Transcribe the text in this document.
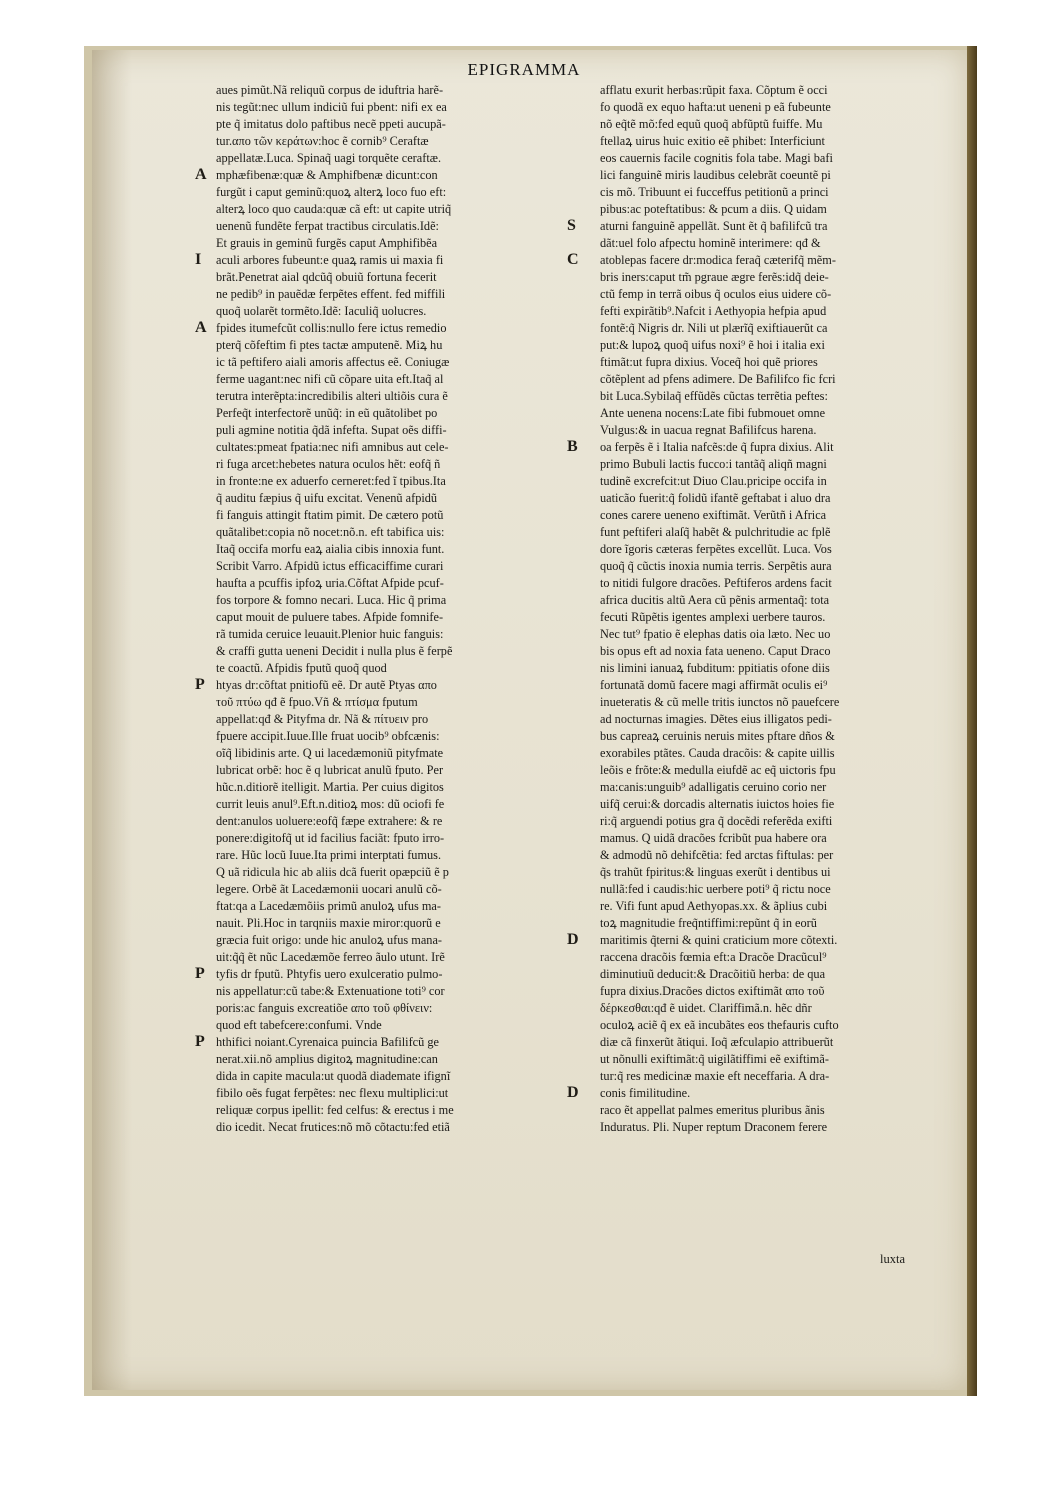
EPIGRAMMA
aues pimũt.Nã reliquũ corpus de iduftria harẽ-
nis tegũt:nec ullum indiciũ fui pbent: nifi ex ea
pte q̃ imitatus dolo paftibus necẽ ppeti aucupã-
tur.απο τῶν κεράτων:hoc ẽ cornib⁹ Ceraftæ
appellatæ.Luca. Spinaq̃ uagi torquẽte ceraftæ.
mphæfibenæ:quæ & Amphifbenæ dicunt:con
furgũt i caput geminũ:quoꝝ alterꝝ loco fuo eft:
alterꝝ loco quo cauda:quæ cã eft: ut capite utriq̃
uenenũ fundẽte ferpat tractibus circulatis.Idẽ:
Et grauis in geminũ furgẽs caput Amphifibẽa
aculi arbores fubeunt:e quaꝝ ramis ui maxia fi
brãt.Penetrat aial qdcũq̃ obuiũ fortuna fecerit
ne pedib⁹ in pauẽdæ ferpẽtes effent. fed miffili
quoq̃ uolarẽt tormẽto.Idẽ: Iaculiq̃ uolucres.
fpides itumefcũt collis:nullo fere ictus remedio
pterq̃ cõfeftim fi ptes tactæ amputenẽ. Miꝝ hu
ic tã peftifero aiali amoris affectus eẽ. Coniugæ
ferme uagant:nec nifi cũ cõpare uita eft.Itaq̃ al
terutra interẽpta:incredibilis alteri ultiõis cura ẽ
Perfeq̃t interfectorẽ unũq̃: in eũ quãtolibet po
puli agmine notitia q̃dã infefta. Supat oẽs diffi-
cultates:pmeat fpatia:nec nifi amnibus aut cele-
ri fuga arcet:hebetes natura oculos hẽt: eofq̃ ñ
in fronte:ne ex aduerfo cerneret:fed ĩ tpibus.Ita
q̃ auditu fæpius q̃ uifu excitat. Venenũ afpidũ
fi fanguis attingit ftatim pimit. De cætero potũ
quãtalibet:copia nõ nocet:nõ.n. eft tabifica uis:
Itaq̃ occifa morfu eaꝝ aialia cibis innoxia funt.
Scribit Varro. Afpidũ ictus efficaciffime curari
haufta a pcuffis ipfoꝝ uria.Cõftat Afpide pcuf-
fos torpore & fomno necari. Luca. Hic q̃ prima
caput mouit de puluere tabes. Afpide fomnife-
rã tumida ceruice leuauit.Plenior huic fanguis:
& craffi gutta ueneni Decidit i nulla plus ẽ ferpẽ
te coactũ. Afpidis fputũ quoq̃ quod
htyas dr:cõftat pnitiofũ eẽ. Dr autẽ Ptyas απο
τοῦ πτύω qđ ẽ fpuo.Vñ & πτίσμα fputum
appellat:qđ & Pityfma dr. Nã & πίτυειν pro
fpuere accipit.Iuue.Ille fruat uocib⁹ obfcænis:
oĩq̃ libidinis arte. Q ui lacedæmoniũ pityfmate
lubricat orbẽ: hoc ẽ q lubricat anulũ fputo. Per
hũc.n.ditiorẽ itelligit. Martia. Per cuius digitos
currit leuis anul⁹.Eft.n.ditioꝝ mos: dũ ociofi fe
dent:anulos uoluere:eofq̃ fæpe extrahere: & re
ponere:digitofq̃ ut id facilius faciãt: fputo irro-
rare. Hũc locũ Iuue.Ita primi interptati fumus.
Q uã ridicula hic ab aliis dcã fuerit opæpciũ ẽ p
legere. Orbẽ ãt Lacedæmonii uocari anulũ cõ-
ftat:qa a Lacedæmõiis primũ anuloꝝ ufus ma-
nauit. Pli.Hoc in tarqniis maxie miror:quorũ e
græcia fuit origo: unde hic anuloꝝ ufus mana-
uit:q̃q̃ ẽt nũc Lacedæmõe ferreo ãulo utunt. Irẽ
tyfis dr fputũ. Phtyfis uero exulceratio pulmo-
nis appellatur:cũ tabe:& Extenuatione toti⁹ cor
poris:ac fanguis excreatiõe απο τοῦ φθίνειν:
quod eft tabefcere:confumi. Vnde
hthifici noiant.Cyrenaica puincia Bafilifcũ ge
nerat.xii.nõ amplius digitoꝝ magnitudine:can
dida in capite macula:ut quodã diademate ifignĩ
fibilo oẽs fugat ferpẽtes: nec flexu multiplici:ut
reliquæ corpus ipellit: fed celfus: & erectus i me
dio icedit. Necat frutices:nõ mõ cõtactu:fed etiã
afflatu exurit herbas:rũpit faxa. Cõptum ẽ occi
fo quodã ex equo hafta:ut ueneni p eã fubeunte
nõ eq̃tẽ mõ:fed equũ quoq̃ abfũptũ fuiffe. Mu
ftellaꝝ uirus huic exitio eẽ phibet: Interficiunt
eos cauernis facile cognitis fola tabe. Magi bafi
lici fanguinẽ miris laudibus celebrãt coeuntẽ pi
cis mõ. Tribuunt ei fucceffus petitionũ a princi
pibus:ac poteftatibus: & pcum a diis. Q uidam
aturni fanguinẽ appellãt. Sunt ẽt q̃ bafilifcũ tra
dãt:uel folo afpectu hominẽ interimere: qđ &
atoblepas facere dr:modica feraq̃ cæterifq̃ mẽm-
bris iners:caput tm̃ pgraue ægre ferẽs:idq̃ deie-
ctũ femp in terrã oibus q̃ oculos eius uidere cõ-
fefti expirãtib⁹.Nafcit i Aethyopia hefpia apud
fontẽ:q̃ Nigris dr. Nili ut plærĩq̃ exiftiauerũt ca
put:& lupoꝝ quoq̃ uifus noxi⁹ ẽ hoi i italia exi
ftimãt:ut fupra dixius. Voceq̃ hoi quẽ priores
cõtẽplent ad pfens adimere. De Bafilifco fic fcri
bit Luca.Sybilaq̃ effũdẽs cũctas terrẽtia peftes:
Ante uenena nocens:Late fibi fubmouet omne
Vulgus:& in uacua regnat Bafilifcus harena.
oa ferpẽs ẽ i Italia nafcẽs:de q̃ fupra dixius. Alit
primo Bubuli lactis fucco:i tantãq̃ aliqñ magni
tudinẽ excrefcit:ut Diuo Clau.pricipe occifa in
uaticão fuerit:q̃ folidũ ifantẽ geftabat i aluo dra
cones carere ueneno exiftimãt. Verũtñ i Africa
funt peftiferi alaſq̃ habẽt & pulchritudie ac fplẽ
dore ĩgoris cæteras ferpẽtes excellũt. Luca. Vos
quoq̃ q̃ cũctis inoxia numia terris. Serpẽtis aura
to nitidi fulgore dracões. Peftiferos ardens facit
africa ducitis altũ Aera cũ pẽnis armentaq̃: tota
fecuti Rũpẽtis igentes amplexi uerbere tauros.
Nec tut⁹ fpatio ẽ elephas datis oia læto. Nec uo
bis opus eft ad noxia fata ueneno. Caput Draco
nis limini ianuaꝝ fubditum: ppitiatis ofone diis
fortunatã domũ facere magi affirmãt oculis ei⁹
inueteratis & cũ melle tritis iunctos nõ pauefcere
ad nocturnas imagies. Dẽtes eius illigatos pedi-
bus capreaꝝ ceruinis neruis mites pftare dños &
exorabiles ptãtes. Cauda dracõis: & capite uillis
leõis e frõte:& medulla eiufdẽ ac eq̃ uictoris fpu
ma:canis:unguib⁹ adalligatis ceruino corio ner
uifq̃ cerui:& dorcadis alternatis iuictos hoies fie
ri:q̃ arguendi potius gra q̃ docẽdi referẽda exifti
mamus. Q uidã dracões fcribũt pua habere ora
& admodũ nõ dehifcẽtia: fed arctas fiftulas: per
q̃s trahũt fpiritus:& linguas exerũt i dentibus ui
nullã:fed i caudis:hic uerbere poti⁹ q̃ rictu noce
re. Vifi funt apud Aethyopas.xx. & ãplius cubi
toꝝ magnitudie freq̃ntiffimi:repũnt q̃ in eorũ
maritimis q̃terni & quini craticium more cõtexti.
raccena dracõis fœmia eft:a Dracõe Dracũcul⁹
diminutiuũ deducit:& Dracõitiũ herba: de qua
fupra dixius.Dracões dictos exiftimãt απο τοῦ
δέρκεσθαι:qđ ẽ uidet. Clariffimã.n. hẽc dñr
oculoꝝ aciẽ q̃ ex eã incubãtes eos thefauris cufto
diæ cã finxerũt ãtiqui. Ioq̃ æfculapio attribuerũt
ut nõnulli exiftimãt:q̃ uigilãtiffimi eẽ exiftimã-
tur:q̃ res medicinæ maxie eft neceffaria. A dra-
conis fimilitudine.
raco ẽt appellat palmes emeritus pluribus ãnis
Induratus. Pli. Nuper reptum Draconem ferere
A
I
A
P
P
P
S
C
B
D
D
luxta
